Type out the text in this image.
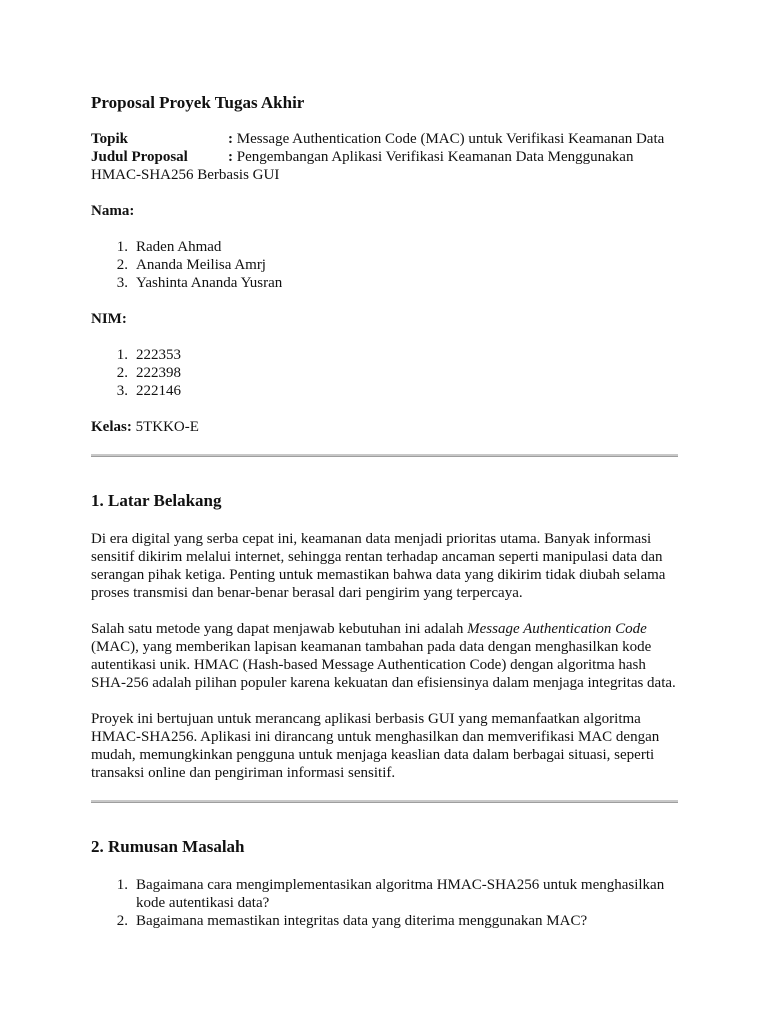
Proposal Proyek Tugas Akhir
Topik	: Message Authentication Code (MAC) untuk Verifikasi Keamanan Data
Judul Proposal	: Pengembangan Aplikasi Verifikasi Keamanan Data Menggunakan
HMAC-SHA256 Berbasis GUI
Nama:
1. Raden Ahmad
2. Ananda Meilisa Amrj
3. Yashinta Ananda Yusran
NIM:
1. 222353
2. 222398
3. 222146
Kelas: 5TKKO-E
1. Latar Belakang

Di era digital yang serba cepat ini, keamanan data menjadi prioritas utama. Banyak informasi sensitif dikirim melalui internet, sehingga rentan terhadap ancaman seperti manipulasi data dan serangan pihak ketiga. Penting untuk memastikan bahwa data yang dikirim tidak diubah selama proses transmisi dan benar-benar berasal dari pengirim yang terpercaya.

Salah satu metode yang dapat menjawab kebutuhan ini adalah Message Authentication Code (MAC), yang memberikan lapisan keamanan tambahan pada data dengan menghasilkan kode autentikasi unik. HMAC (Hash-based Message Authentication Code) dengan algoritma hash SHA-256 adalah pilihan populer karena kekuatan dan efisiensinya dalam menjaga integritas data.

Proyek ini bertujuan untuk merancang aplikasi berbasis GUI yang memanfaatkan algoritma HMAC-SHA256. Aplikasi ini dirancang untuk menghasilkan dan memverifikasi MAC dengan mudah, memungkinkan pengguna untuk menjaga keaslian data dalam berbagai situasi, seperti transaksi online dan pengiriman informasi sensitif.

2. Rumusan Masalah
1. Bagaimana cara mengimplementasikan algoritma HMAC-SHA256 untuk menghasilkan kode autentikasi data?
2. Bagaimana memastikan integritas data yang diterima menggunakan MAC?
